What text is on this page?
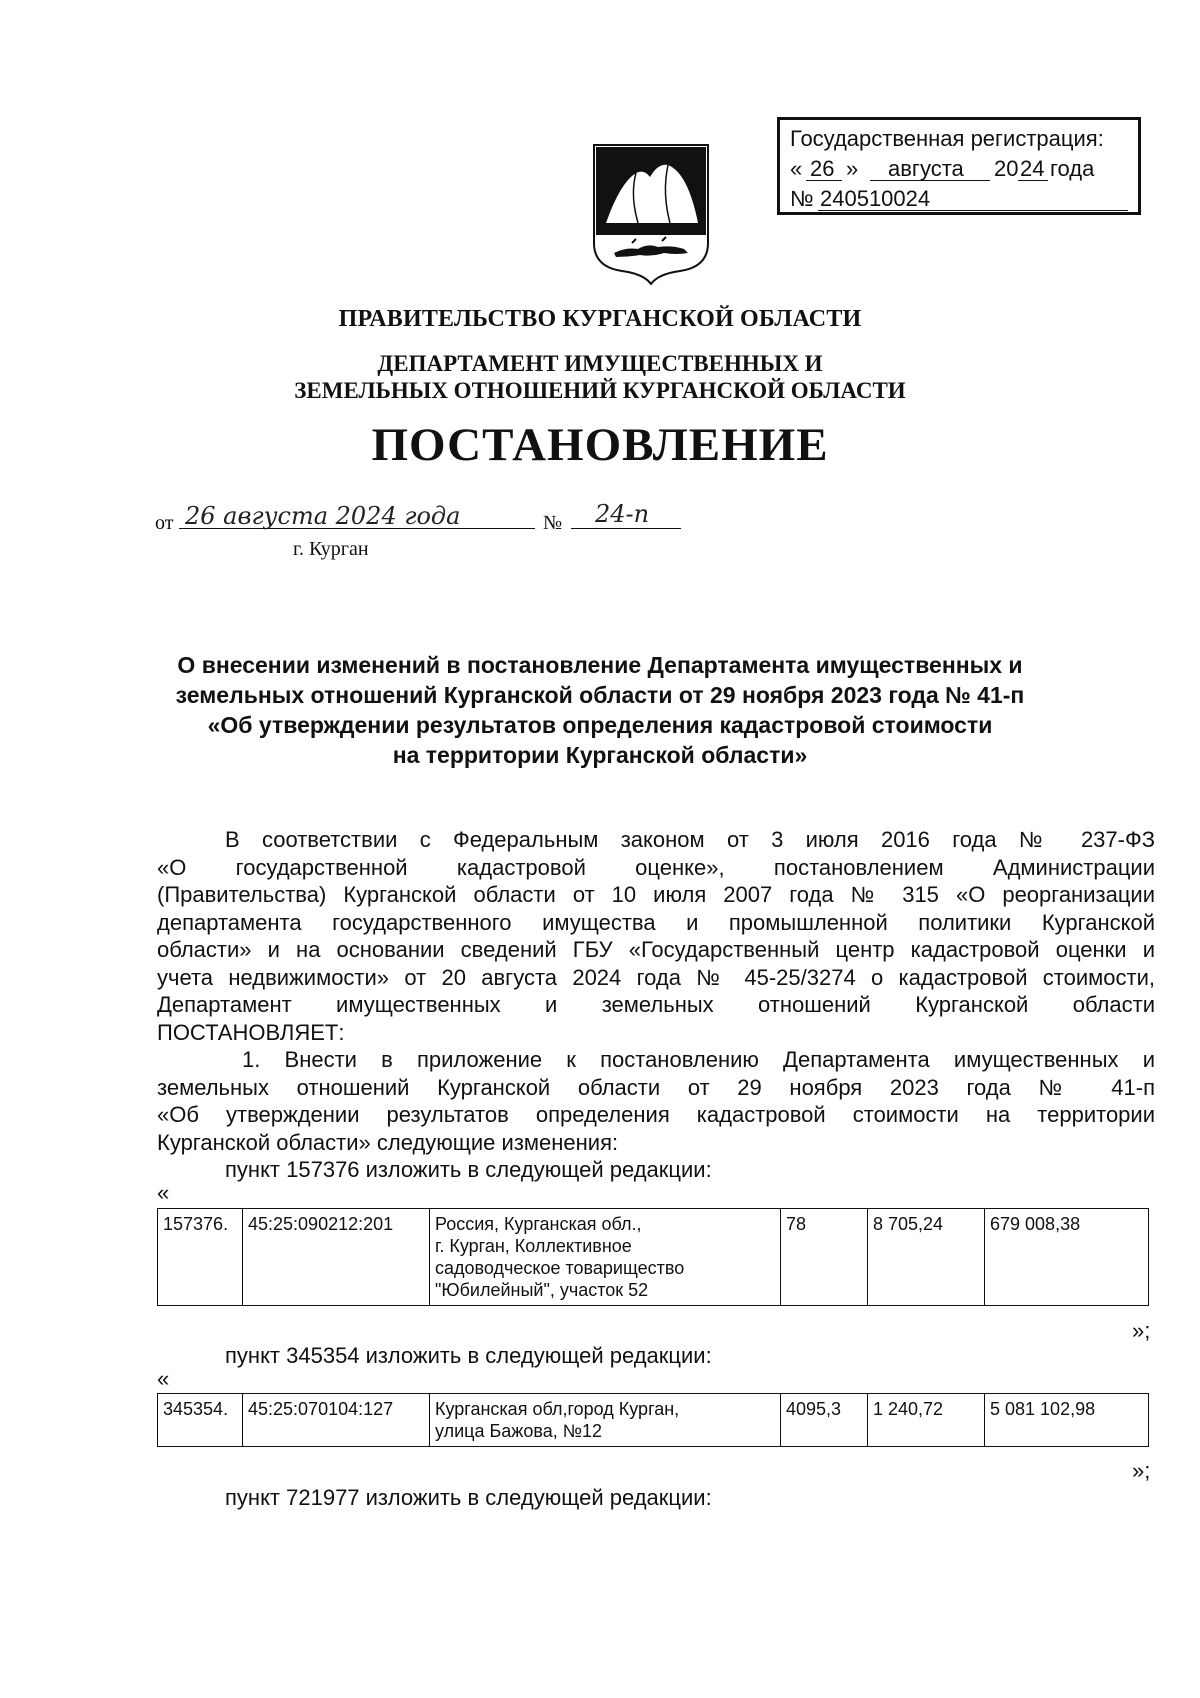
Государственная регистрация:
« 26 » августа 20 24 года
№ 240510024
ПРАВИТЕЛЬСТВО КУРГАНСКОЙ ОБЛАСТИ
ДЕПАРТАМЕНТ ИМУЩЕСТВЕННЫХ И
ЗЕМЕЛЬНЫХ ОТНОШЕНИЙ КУРГАНСКОЙ ОБЛАСТИ
ПОСТАНОВЛЕНИЕ
от 26 августа 2024 года	№ 24-п
г. Курган
О внесении изменений в постановление Департамента имущественных и
земельных отношений Курганской области от 29 ноября 2023 года № 41-п
«Об утверждении результатов определения кадастровой стоимости
на территории Курганской области»
В соответствии с Федеральным законом от 3 июля 2016 года № 237-ФЗ
«О государственной кадастровой оценке», постановлением Администрации
(Правительства) Курганской области от 10 июля 2007 года № 315 «О реорганизации
департамента государственного имущества и промышленной политики Курганской
области» и на основании сведений ГБУ «Государственный центр кадастровой оценки и
учета недвижимости» от 20 августа 2024 года № 45-25/3274 о кадастровой стоимости,
Департамент имущественных и земельных отношений Курганской области
ПОСТАНОВЛЯЕТ:
1. Внести в приложение к постановлению Департамента имущественных и
земельных отношений Курганской области от 29 ноября 2023 года № 41-п
«Об утверждении результатов определения кадастровой стоимости на территории
Курганской области» следующие изменения:
пункт 157376 изложить в следующей редакции:
«
157376.	45:25:090212:201	Россия, Курганская обл.,
г. Курган, Коллективное
садоводческое товарищество
"Юбилейный", участок 52
	78	8 705,24	679 008,38
»;
пункт 345354 изложить в следующей редакции:
«
345354.	45:25:070104:127	Курганская обл,город Курган,
улица Бажова, №12
	4095,3	1 240,72	5 081 102,98
»;
пункт 721977 изложить в следующей редакции:
